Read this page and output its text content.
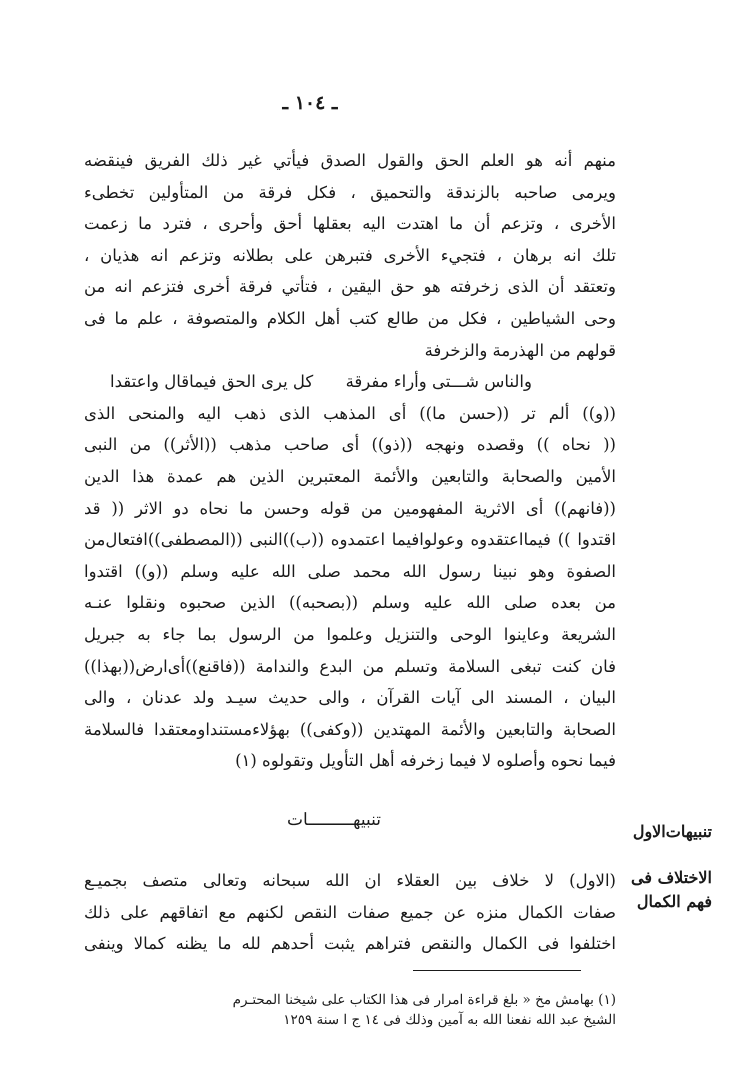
ـ ١٠٤ ـ
منهم أنه هو العلم الحق والقول الصدق فيأتي غير ذلك الفريق فينقضه
ويرمى صاحبه بالزندقة والتحميق ، فكل فرقة من المتأولين تخطىء
الأخرى ، وتزعم أن ما اهتدت اليه بعقلها أحق وأحرى ، فترد ما زعمت
تلك انه برهان ، فتجيء الأخرى فتبرهن على بطلانه وتزعم انه هذيان ،
وتعتقد أن الذى زخرفته هو حق اليقين ، فتأتي فرقة أخرى فتزعم انه من
وحى الشياطين ، فكل من طالع كتب أهل الكلام والمتصوفة ، علم ما فى
قولهم من الهذرمة والزخرفة
والناس شـــتى وأراء مفرقة
كل يرى الحق فيماقال واعتقدا
((و)) ألم تر ((حسن ما)) أى المذهب الذى ذهب اليه والمنحى الذى
(( نحاه )) وقصده ونهجه ((ذو)) أى صاحب مذهب ((الأثر)) من النبى
الأمين والصحابة والتابعين والأئمة المعتبرين الذين هم عمدة هذا الدين
((فانهم)) أى الاثرية المفهومين من قوله وحسن ما نحاه دو الاثر (( قد
اقتدوا )) فيمااعتقدوه وعولوافيما اعتمدوه ((ب))النبى ((المصطفى))افتعال‌من
الصفوة وهو نبينا رسول الله محمد صلى الله عليه وسلم ((و)) اقتدوا
من بعده صلى الله عليه وسلم ((بصحبه)) الذين صحبوه ونقلوا عنـه
الشريعة وعاينوا الوحى والتنزيل وعلموا من الرسول بما جاء به جبريل
فان كنت تبغى السلامة وتسلم من البدع والندامة ((فاقنع))أى‌ارض((بهذا))
البيان ، المسند الى آيات القرآن ، والى حديث سيـد ولد عدنان ، والى
الصحابة والتابعين والأئمة المهتدين ((وكفى)) بهؤلاءمستنداومعتقدا فالسلامة
فيما نحوه وأصلوه لا فيما زخرفه أهل التأويل وتقولوه (١)
تنبيهـــــــــات
تنبيهات‌الاول
الاختلاف فى
فهم الكمال
(الاول) لا خلاف بين العقلاء ان الله سبحانه وتعالى متصف بجميـع
صفات الكمال منزه عن جميع صفات النقص لكنهم مع اتفاقهم على ذلك
اختلفوا فى الكمال والنقص فتراهم يثبت أحدهم لله ما يظنه كمالا وينفى
(١) بهامش مخ « بلغ قراءة امرار فى هذا الكتاب على شيخنا المحتـرم
الشيخ عبد الله نفعنا الله به آمين وذلك فى ١٤ ج ا سنة ١٢٥٩
